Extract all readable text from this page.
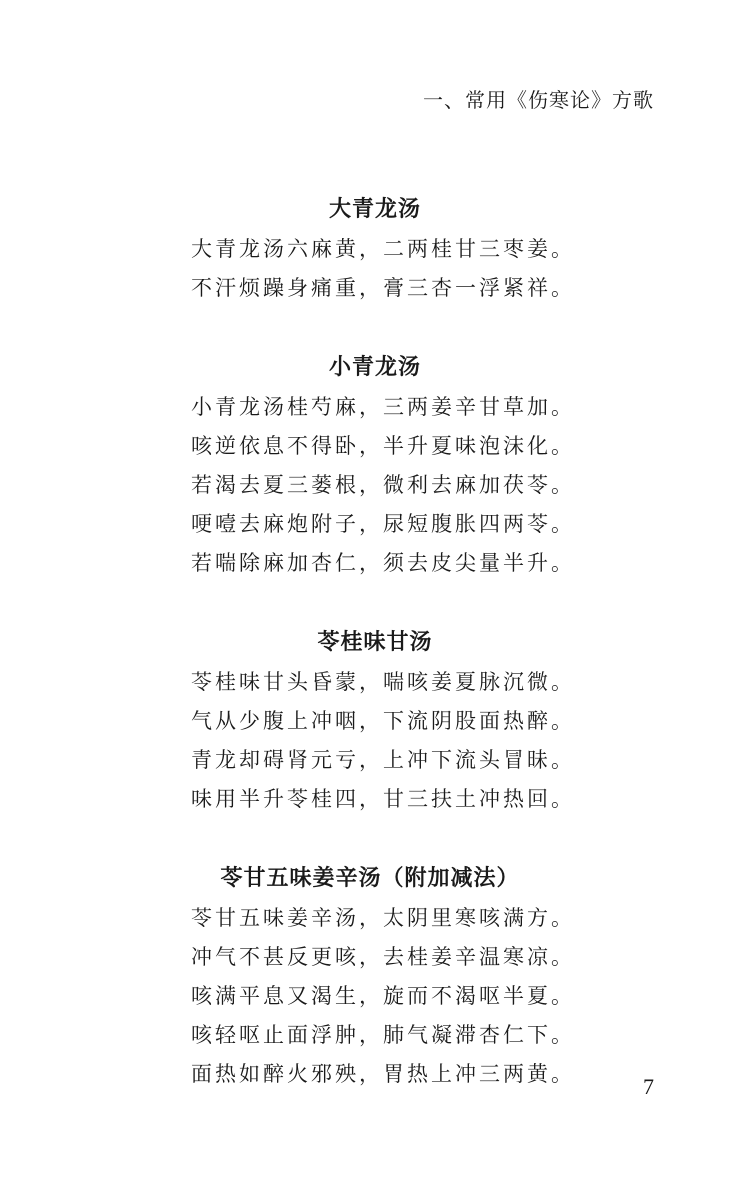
一、常用《伤寒论》方歌
大青龙汤
大青龙汤六麻黄，二两桂甘三枣姜。
不汗烦躁身痛重，膏三杏一浮紧祥。
小青龙汤
小青龙汤桂芍麻，三两姜辛甘草加。
咳逆依息不得卧，半升夏味泡沫化。
若渴去夏三蒌根，微利去麻加茯苓。
哽噎去麻炮附子，尿短腹胀四两苓。
若喘除麻加杏仁，须去皮尖量半升。
苓桂味甘汤
苓桂味甘头昏蒙，喘咳姜夏脉沉微。
气从少腹上冲咽，下流阴股面热醉。
青龙却碍肾元亏，上冲下流头冒昧。
味用半升苓桂四，甘三扶土冲热回。
苓甘五味姜辛汤（附加减法）
苓甘五味姜辛汤，太阴里寒咳满方。
冲气不甚反更咳，去桂姜辛温寒凉。
咳满平息又渴生，旋而不渴呕半夏。
咳轻呕止面浮肿，肺气凝滞杏仁下。
面热如醉火邪殃，胃热上冲三两黄。	7
